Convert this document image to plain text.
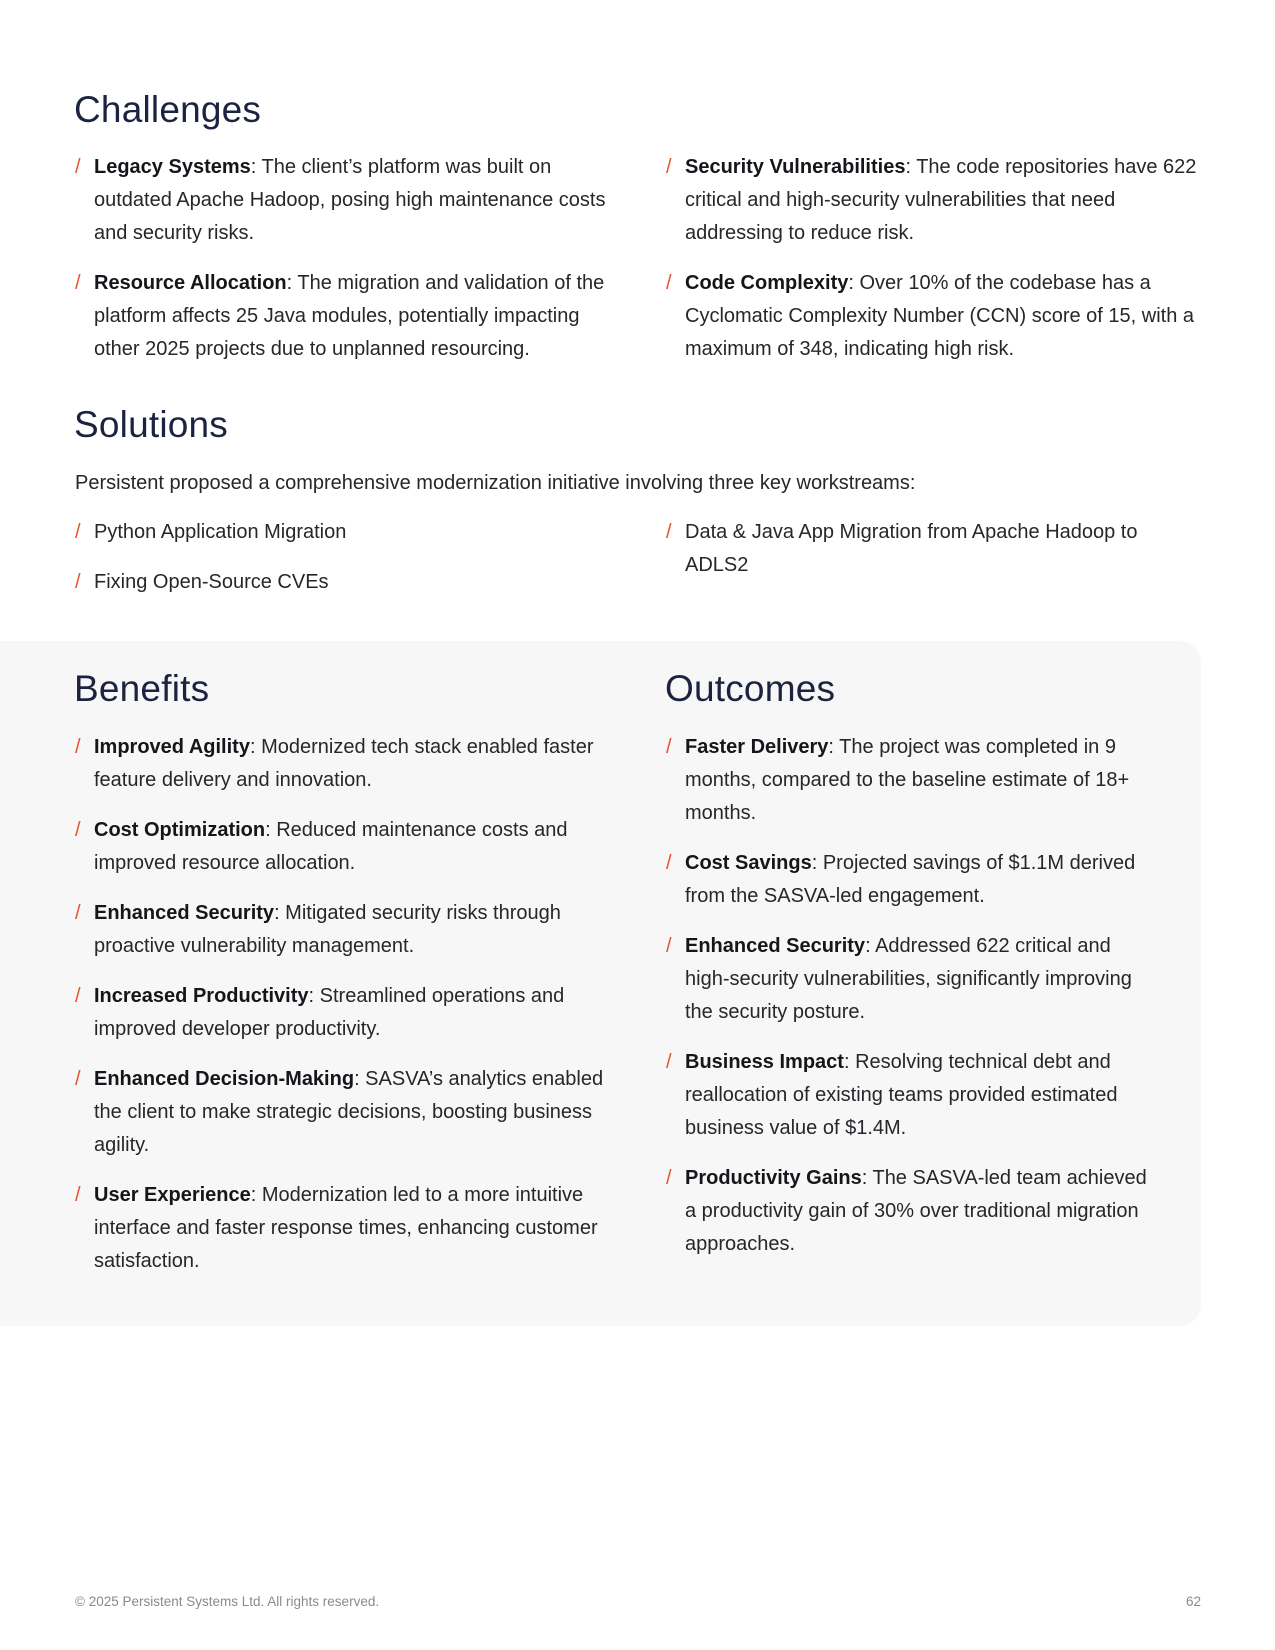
Challenges
/ Legacy Systems: The client’s platform was built on outdated Apache Hadoop, posing high maintenance costs and security risks.
/ Resource Allocation: The migration and validation of the platform affects 25 Java modules, potentially impacting other 2025 projects due to unplanned resourcing.
/ Security Vulnerabilities: The code repositories have 622 critical and high-security vulnerabilities that need addressing to reduce risk.
/ Code Complexity: Over 10% of the codebase has a Cyclomatic Complexity Number (CCN) score of 15, with a maximum of 348, indicating high risk.
Solutions

Persistent proposed a comprehensive modernization initiative involving three key workstreams:

/ Python Application Migration
/ Fixing Open-Source CVEs
/ Data & Java App Migration from Apache Hadoop to ADLS2
Benefits
/ Improved Agility: Modernized tech stack enabled faster feature delivery and innovation.
/ Cost Optimization: Reduced maintenance costs and improved resource allocation.
/ Enhanced Security: Mitigated security risks through proactive vulnerability management.
/ Increased Productivity: Streamlined operations and improved developer productivity.
/ Enhanced Decision-Making: SASVA’s analytics enabled the client to make strategic decisions, boosting business agility.
/ User Experience: Modernization led to a more intuitive interface and faster response times, enhancing customer satisfaction.
Outcomes
/ Faster Delivery: The project was completed in 9 months, compared to the baseline estimate of 18+ months.
/ Cost Savings: Projected savings of $1.1M derived from the SASVA-led engagement.
/ Enhanced Security: Addressed 622 critical and high-security vulnerabilities, significantly improving the security posture.
/ Business Impact: Resolving technical debt and reallocation of existing teams provided estimated business value of $1.4M.
/ Productivity Gains: The SASVA-led team achieved a productivity gain of 30% over traditional migration approaches.
© 2025 Persistent Systems Ltd. All rights reserved.	62
